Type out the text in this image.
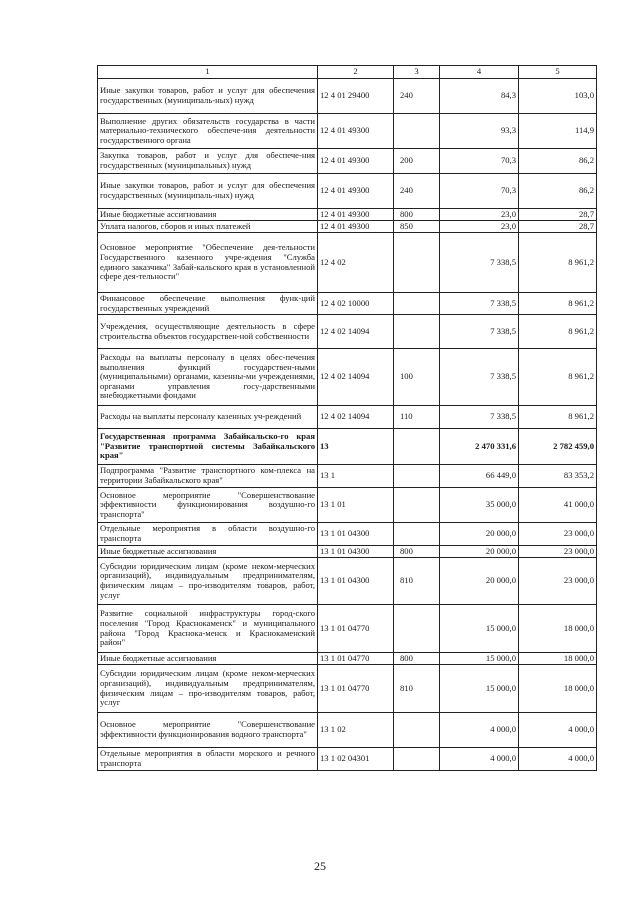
1	2	3	4	5
Иные закупки товаров, работ и услуг для обеспечения государственных (муниципаль-ных) нужд	12 4 01 29400	240	84,3	103,0
Выполнение других обязательств государства в части материально-технического обеспече-ния деятельности государственного органа	12 4 01 49300		93,3	114,9
Закупка товаров, работ и услуг для обеспече-ния государственных (муниципальных) нужд	12 4 01 49300	200	70,3	86,2
Иные закупки товаров, работ и услуг для обеспечения государственных (муниципаль-ных) нужд	12 4 01 49300	240	70,3	86,2
Иные бюджетные ассигнования	12 4 01 49300	800	23,0	28,7
Уплата налогов, сборов и иных платежей	12 4 01 49300	850	23,0	28,7
Основное мероприятие "Обеспечение дея-тельности Государственного казенного учре-ждения "Служба единого заказчика" Забай-кальского края в установленной сфере дея-тельности"	12 4 02		7 338,5	8 961,2
Финансовое обеспечение выполнения функ-ций государственных учреждений	12 4 02 10000		7 338,5	8 961,2
Учреждения, осуществляющие деятельность в сфере строительства объектов государствен-ной собственности	12 4 02 14094		7 338,5	8 961,2
Расходы на выплаты персоналу в целях обес-печения выполнения функций государствен-ными (муниципальными) органами, казенны-ми учреждениями, органами управления госу-дарственными внебюджетными фондами	12 4 02 14094	100	7 338,5	8 961,2
Расходы на выплаты персоналу казенных уч-реждений	12 4 02 14094	110	7 338,5	8 961,2
Государственная программа Забайкальско-го края "Развитие транспортной системы Забайкальского края"	13		2 470 331,6	2 782 459,0
Подпрограмма "Развитие транспортного ком-плекса на территории Забайкальского края"	13 1		66 449,0	83 353,2
Основное мероприятие "Совершенствование эффективности функционирования воздушно-го транспорта"	13 1 01		35 000,0	41 000,0
Отдельные мероприятия в области воздушно-го транспорта	13 1 01 04300		20 000,0	23 000,0
Иные бюджетные ассигнования	13 1 01 04300	800	20 000,0	23 000,0
Субсидии юридическим лицам (кроме неком-мерческих организаций), индивидуальным предпринимателям, физическим лицам – про-изводителям товаров, работ, услуг	13 1 01 04300	810	20 000,0	23 000,0
Развитие социальной инфраструктуры город-ского поселения "Город Краснокаменск" и муниципального района "Город Краснока-менск и Краснокаменский район"	13 1 01 04770		15 000,0	18 000,0
Иные бюджетные ассигнования	13 1 01 04770	800	15 000,0	18 000,0
Субсидии юридическим лицам (кроме неком-мерческих организаций), индивидуальным предпринимателям, физическим лицам – про-изводителям товаров, работ, услуг	13 1 01 04770	810	15 000,0	18 000,0
Основное мероприятие "Совершенствование эффективности функционирования водного транспорта"	13 1 02		4 000,0	4 000,0
Отдельные мероприятия в области морского и речного транспорта	13 1 02 04301		4 000,0	4 000,0
25
